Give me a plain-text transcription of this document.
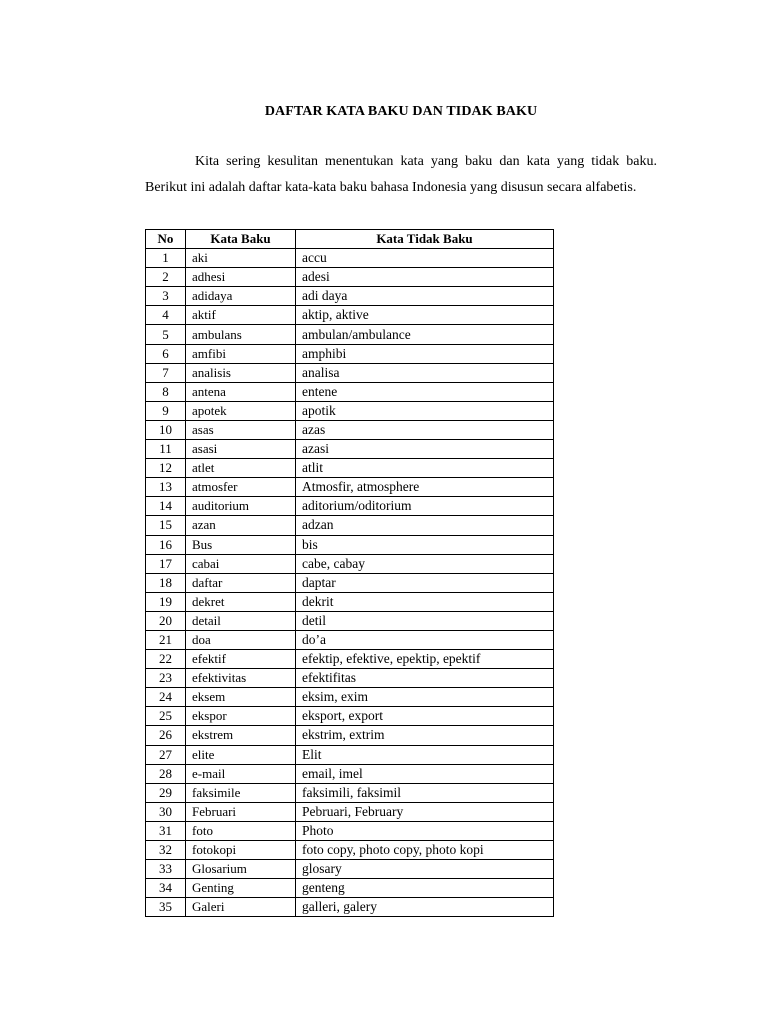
DAFTAR KATA BAKU DAN TIDAK BAKU

Kita sering kesulitan menentukan kata yang baku dan kata yang tidak baku. Berikut ini adalah daftar kata-kata baku bahasa Indonesia yang disusun secara alfabetis.

No	Kata Baku	Kata Tidak Baku
1	aki	accu
2	adhesi	adesi
3	adidaya	adi daya
4	aktif	aktip, aktive
5	ambulans	ambulan/ambulance
6	amfibi	amphibi
7	analisis	analisa
8	antena	entene
9	apotek	apotik
10	asas	azas
11	asasi	azasi
12	atlet	atlit
13	atmosfer	Atmosfir, atmosphere
14	auditorium	aditorium/oditorium
15	azan	adzan
16	Bus	bis
17	cabai	cabe, cabay
18	daftar	daptar
19	dekret	dekrit
20	detail	detil
21	doa	do’a
22	efektif	efektip, efektive, epektip, epektif
23	efektivitas	efektifitas
24	eksem	eksim, exim
25	ekspor	eksport, export
26	ekstrem	ekstrim, extrim
27	elite	Elit
28	e-mail	email, imel
29	faksimile	faksimili, faksimil
30	Februari	Pebruari, February
31	foto	Photo
32	fotokopi	foto copy, photo copy, photo kopi
33	Glosarium	glosary
34	Genting	genteng
35	Galeri	galleri, galery
